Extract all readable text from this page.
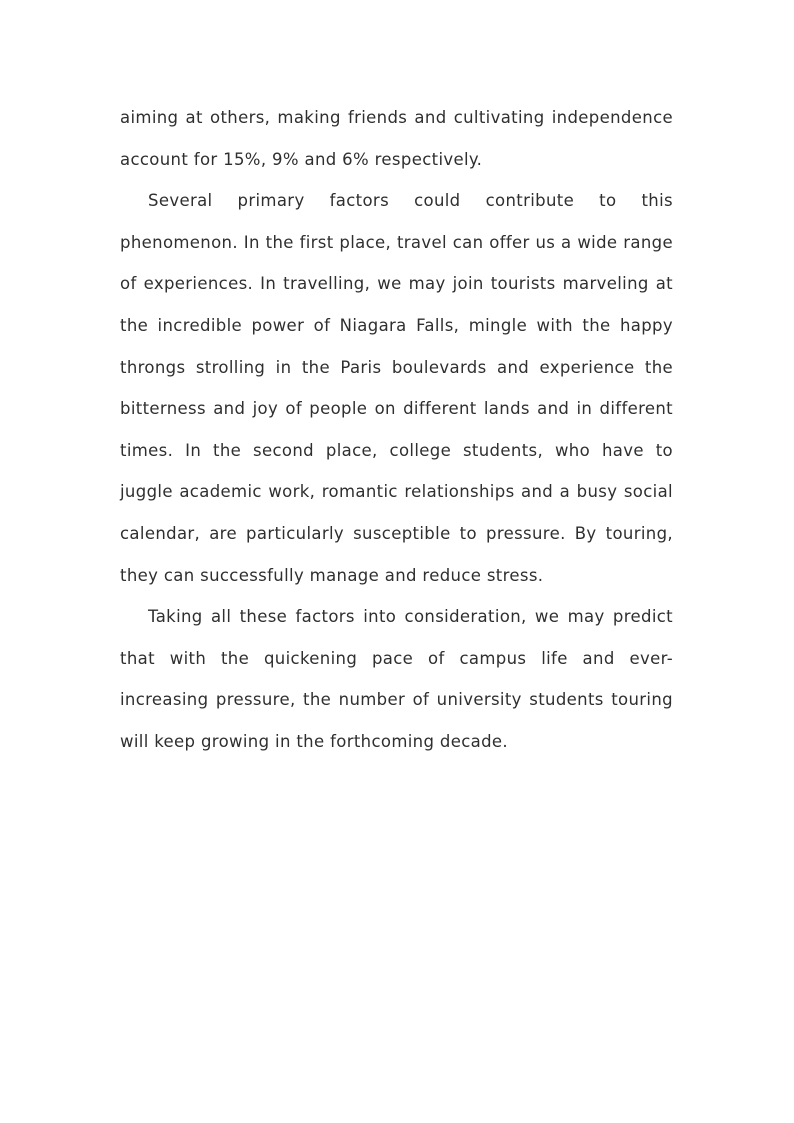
aiming at others, making friends and cultivating independence account for 15%, 9% and 6% respectively.

Several primary factors could contribute to this phenomenon. In the first place, travel can offer us a wide range of experiences. In travelling, we may join tourists marveling at the incredible power of Niagara Falls, mingle with the happy throngs strolling in the Paris boulevards and experience the bitterness and joy of people on different lands and in different times. In the second place, college students, who have to juggle academic work, romantic relationships and a busy social calendar, are particularly susceptible to pressure. By touring, they can successfully manage and reduce stress.

Taking all these factors into consideration, we may predict that with the quickening pace of campus life and ever-increasing pressure, the number of university students touring will keep growing in the forthcoming decade.
